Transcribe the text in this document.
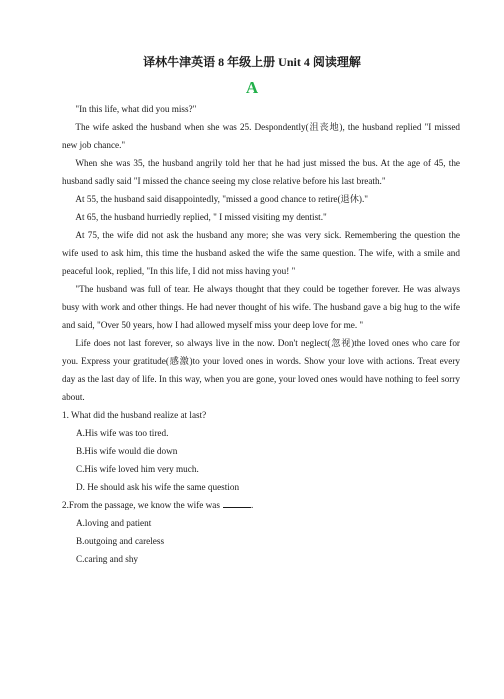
译林牛津英语 8 年级上册 Unit 4 阅读理解
A

"In this life, what did you miss?"

The wife asked the husband when she was 25. Despondently(沮丧地), the husband replied "I missed new job chance."

When she was 35, the husband angrily told her that he had just missed the bus. At the age of 45, the husband sadly said "I missed the chance seeing my close relative before his last breath."

At 55, the husband said disappointedly, "missed a good chance to retire(退休)."

At 65, the husband hurriedly replied, " I missed visiting my dentist."

At 75, the wife did not ask the husband any more; she was very sick. Remembering the question the wife used to ask him, this time the husband asked the wife the same question. The wife, with a smile and peaceful look, replied, "In this life, I did not miss having you! "

"The husband was full of tear. He always thought that they could be together forever. He was always busy with work and other things. He had never thought of his wife. The husband gave a big hug to the wife and said, "Over 50 years, how I had allowed myself miss your deep love for me. "

Life does not last forever, so always live in the now. Don't neglect(忽视)the loved ones who care for you. Express your gratitude(感激)to your loved ones in words. Show your love with actions. Treat every day as the last day of life. In this way, when you are gone, your loved ones would have nothing to feel sorry about.

1. What did the husband realize at last?

A.His wife was too tired.

B.His wife would die down

C.His wife loved him very much.

D. He should ask his wife the same question

2.From the passage, we know the wife was	.

A.loving and patient

B.outgoing and careless

C.caring and shy
